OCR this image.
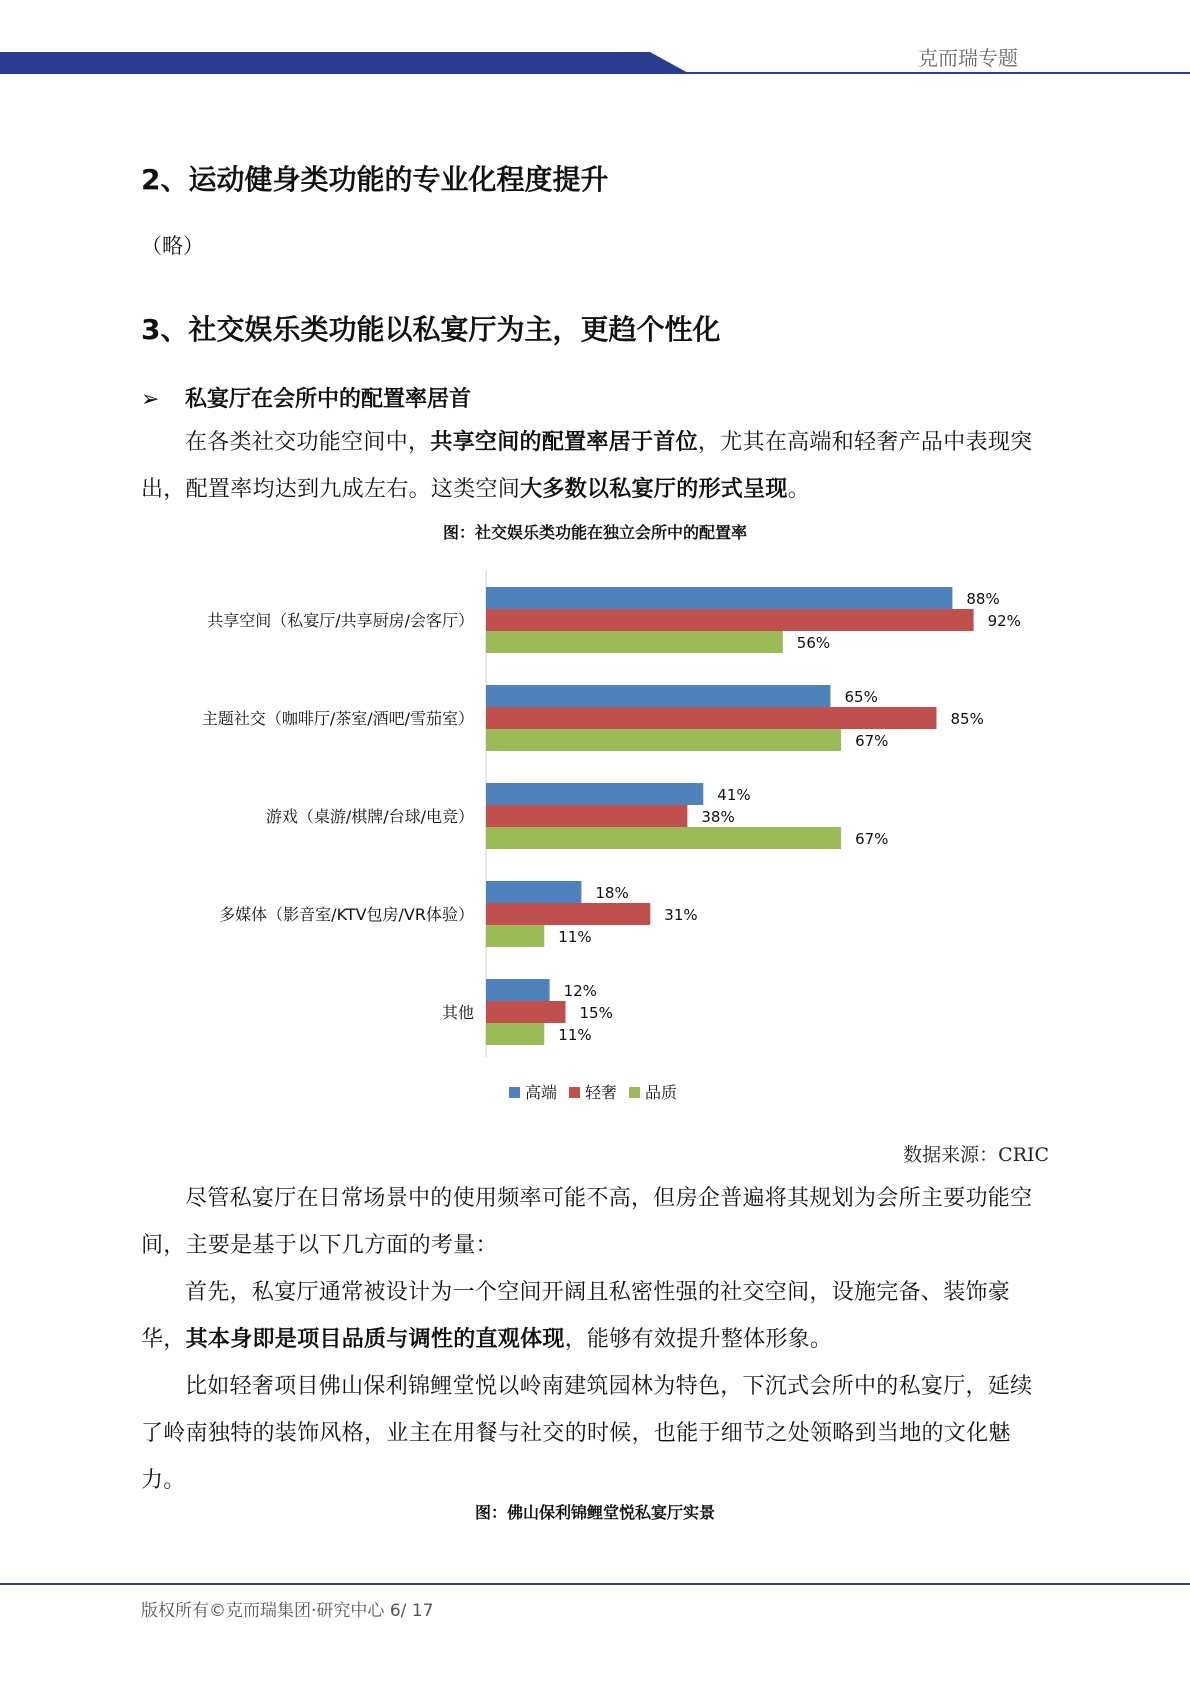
克而瑞专题
2、运动健身类功能的专业化程度提升
（略）
3、社交娱乐类功能以私宴厅为主，更趋个性化
➢ 私宴厅在会所中的配置率居首
在各类社交功能空间中，共享空间的配置率居于首位，尤其在高端和轻奢产品中表现突出，配置率均达到九成左右。这类空间大多数以私宴厅的形式呈现。
图：社交娱乐类功能在独立会所中的配置率
共享空间（私宴厅/共享厨房/会客厅）
88%
92%
56%
主题社交（咖啡厅/茶室/酒吧/雪茄室）
65%
85%
67%
游戏（桌游/棋牌/台球/电竞）
41%
38%
67%
多媒体（影音室/KTV包房/VR体验）
18%
31%
11%
其他
12%
15%
11%
高端 轻奢 品质
数据来源：CRIC
尽管私宴厅在日常场景中的使用频率可能不高，但房企普遍将其规划为会所主要功能空间，主要是基于以下几方面的考量：
首先，私宴厅通常被设计为一个空间开阔且私密性强的社交空间，设施完备、装饰豪华，其本身即是项目品质与调性的直观体现，能够有效提升整体形象。
比如轻奢项目佛山保利锦鲤堂悦以岭南建筑园林为特色，下沉式会所中的私宴厅，延续了岭南独特的装饰风格，业主在用餐与社交的时候，也能于细节之处领略到当地的文化魅力。
图：佛山保利锦鲤堂悦私宴厅实景
版权所有©克而瑞集团·研究中心 6/ 17
